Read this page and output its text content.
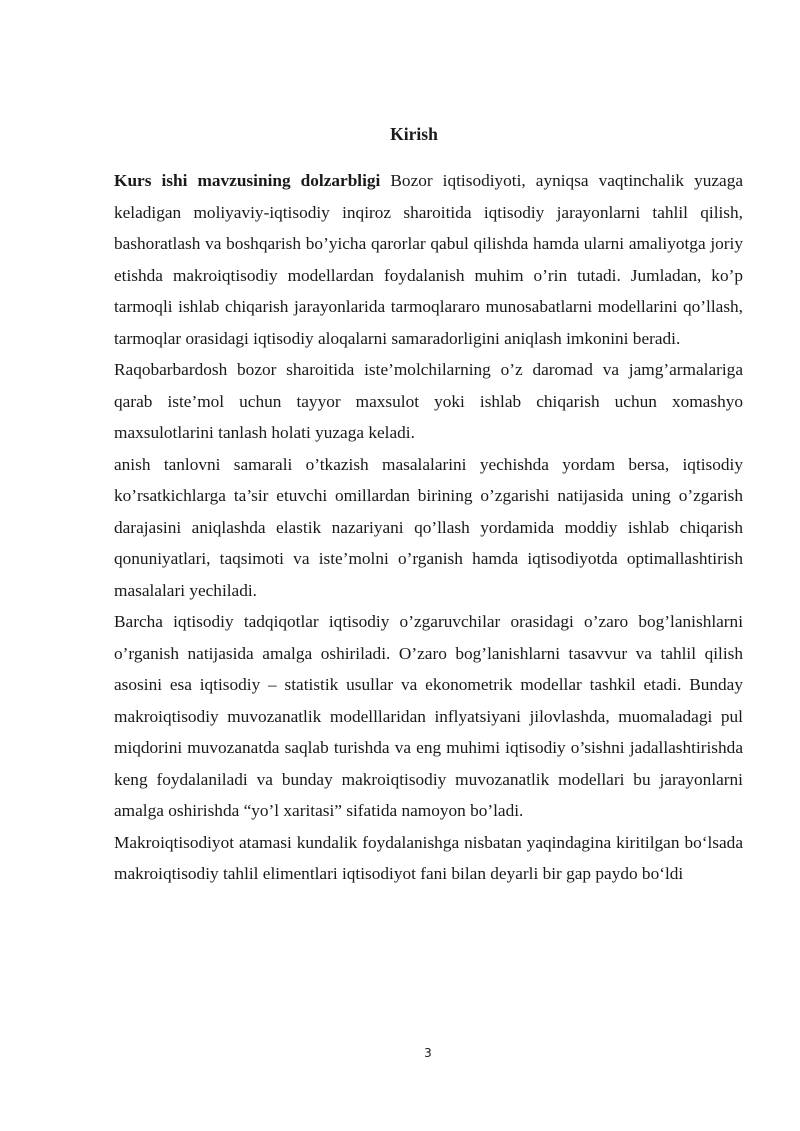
Kirish

Kurs ishi mavzusining dolzarbligi Bozor iqtisodiyoti, ayniqsa vaqtinchalik yuzaga keladigan moliyaviy-iqtisodiy inqiroz sharoitida iqtisodiy jarayonlarni tahlil qilish, bashoratlash va boshqarish bo’yicha qarorlar qabul qilishda hamda ularni amaliyotga joriy etishda makroiqtisodiy modellardan foydalanish muhim o’rin tutadi. Jumladan, ko’p tarmoqli ishlab chiqarish jarayonlarida tarmoqlararo munosabatlarni modellarini qo’llash, tarmoqlar orasidagi iqtisodiy aloqalarni samaradorligini aniqlash imkonini beradi.

Raqobarbardosh bozor sharoitida iste’molchilarning o’z daromad va jamg’armalariga qarab iste’mol uchun tayyor maxsulot yoki ishlab chiqarish uchun xomashyo maxsulotlarini tanlash holati yuzaga keladi.

anish tanlovni samarali o’tkazish masalalarini yechishda yordam bersa, iqtisodiy ko’rsatkichlarga ta’sir etuvchi omillardan birining o’zgarishi natijasida uning o’zgarish darajasini aniqlashda elastik nazariyani qo’llash yordamida moddiy ishlab chiqarish qonuniyatlari, taqsimoti va iste’molni o’rganish hamda iqtisodiyotda optimallashtirish masalalari yechiladi.

Barcha iqtisodiy tadqiqotlar iqtisodiy o’zgaruvchilar orasidagi o’zaro bog’lanishlarni o’rganish natijasida amalga oshiriladi. O’zaro bog’lanishlarni tasavvur va tahlil qilish asosini esa iqtisodiy – statistik usullar va ekonometrik modellar tashkil etadi. Bunday makroiqtisodiy muvozanatlik modelllaridan inflyatsiyani jilovlashda, muomaladagi pul miqdorini muvozanatda saqlab turishda va eng muhimi iqtisodiy o’sishni jadallashtirishda keng foydalaniladi va bunday makroiqtisodiy muvozanatlik modellari bu jarayonlarni amalga oshirishda “yo’l xaritasi” sifatida namoyon bo’ladi.

Makroiqtisodiyot atamasi kundalik foydalanishga nisbatan yaqindagina kiritilgan bo‘lsada makroiqtisodiy tahlil elimentlari iqtisodiyot fani bilan deyarli bir gap paydo bo‘ldi

3
